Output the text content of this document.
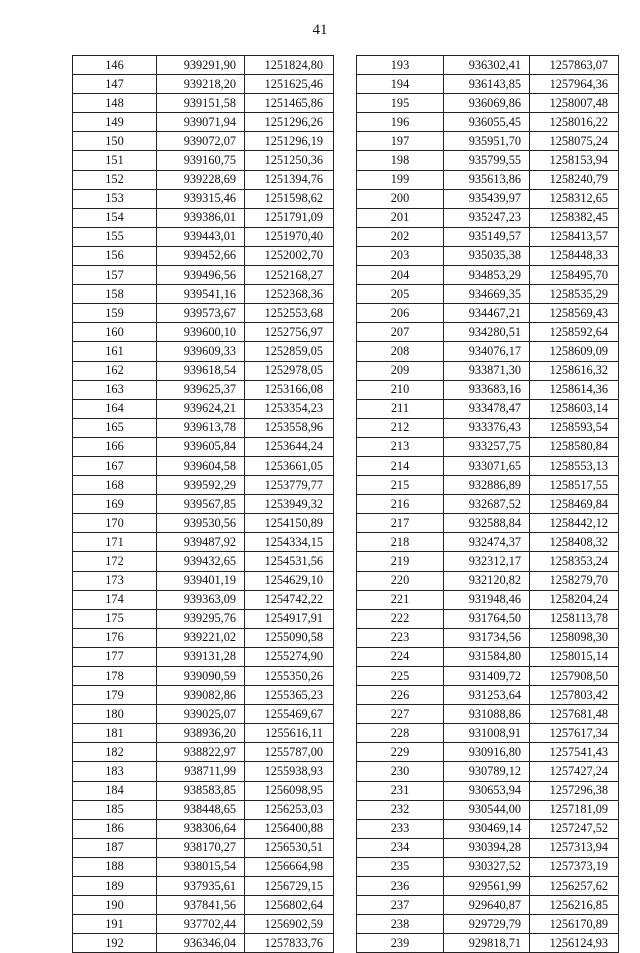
41
146	939291,90	1251824,80
147	939218,20	1251625,46
148	939151,58	1251465,86
149	939071,94	1251296,26
150	939072,07	1251296,19
151	939160,75	1251250,36
152	939228,69	1251394,76
153	939315,46	1251598,62
154	939386,01	1251791,09
155	939443,01	1251970,40
156	939452,66	1252002,70
157	939496,56	1252168,27
158	939541,16	1252368,36
159	939573,67	1252553,68
160	939600,10	1252756,97
161	939609,33	1252859,05
162	939618,54	1252978,05
163	939625,37	1253166,08
164	939624,21	1253354,23
165	939613,78	1253558,96
166	939605,84	1253644,24
167	939604,58	1253661,05
168	939592,29	1253779,77
169	939567,85	1253949,32
170	939530,56	1254150,89
171	939487,92	1254334,15
172	939432,65	1254531,56
173	939401,19	1254629,10
174	939363,09	1254742,22
175	939295,76	1254917,91
176	939221,02	1255090,58
177	939131,28	1255274,90
178	939090,59	1255350,26
179	939082,86	1255365,23
180	939025,07	1255469,67
181	938936,20	1255616,11
182	938822,97	1255787,00
183	938711,99	1255938,93
184	938583,85	1256098,95
185	938448,65	1256253,03
186	938306,64	1256400,88
187	938170,27	1256530,51
188	938015,54	1256664,98
189	937935,61	1256729,15
190	937841,56	1256802,64
191	937702,44	1256902,59
192	936346,04	1257833,76
193	936302,41	1257863,07
194	936143,85	1257964,36
195	936069,86	1258007,48
196	936055,45	1258016,22
197	935951,70	1258075,24
198	935799,55	1258153,94
199	935613,86	1258240,79
200	935439,97	1258312,65
201	935247,23	1258382,45
202	935149,57	1258413,57
203	935035,38	1258448,33
204	934853,29	1258495,70
205	934669,35	1258535,29
206	934467,21	1258569,43
207	934280,51	1258592,64
208	934076,17	1258609,09
209	933871,30	1258616,32
210	933683,16	1258614,36
211	933478,47	1258603,14
212	933376,43	1258593,54
213	933257,75	1258580,84
214	933071,65	1258553,13
215	932886,89	1258517,55
216	932687,52	1258469,84
217	932588,84	1258442,12
218	932474,37	1258408,32
219	932312,17	1258353,24
220	932120,82	1258279,70
221	931948,46	1258204,24
222	931764,50	1258113,78
223	931734,56	1258098,30
224	931584,80	1258015,14
225	931409,72	1257908,50
226	931253,64	1257803,42
227	931088,86	1257681,48
228	931008,91	1257617,34
229	930916,80	1257541,43
230	930789,12	1257427,24
231	930653,94	1257296,38
232	930544,00	1257181,09
233	930469,14	1257247,52
234	930394,28	1257313,94
235	930327,52	1257373,19
236	929561,99	1256257,62
237	929640,87	1256216,85
238	929729,79	1256170,89
239	929818,71	1256124,93
